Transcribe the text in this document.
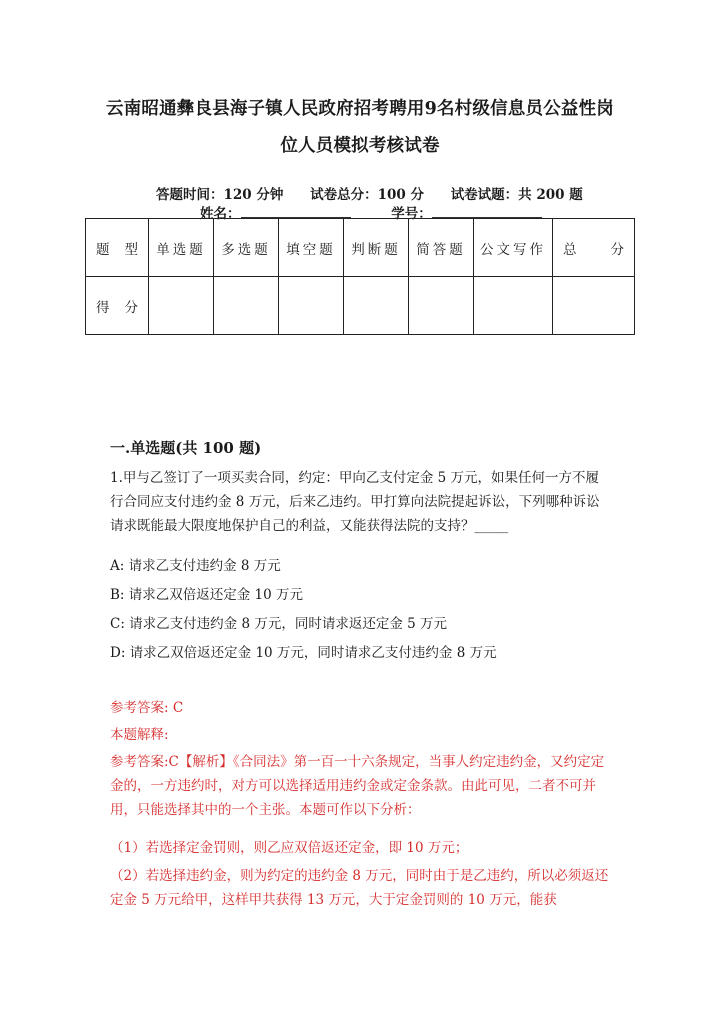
云南昭通彝良县海子镇人民政府招考聘用9名村级信息员公益性岗
位人员模拟考核试卷
答题时间：120 分钟 试卷总分：100 分 试卷试题：共 200 题
姓名：	学号：
题 型	单选题	多选题	填空题	判断题	简答题	公文写作	总 分

得 分							

一.单选题(共 100 题)
1.甲与乙签订了一项买卖合同，约定：甲向乙支付定金 5 万元，如果任何一方不履行合同应支付违约金 8 万元，后来乙违约。甲打算向法院提起诉讼，下列哪种诉讼请求既能最大限度地保护自己的利益，又能获得法院的支持？_____
A: 请求乙支付违约金 8 万元
B: 请求乙双倍返还定金 10 万元
C: 请求乙支付违约金 8 万元，同时请求返还定金 5 万元
D: 请求乙双倍返还定金 10 万元，同时请求乙支付违约金 8 万元
参考答案: C
本题解释:
参考答案:C【解析】《合同法》第一百一十六条规定，当事人约定违约金，又约定定金的，一方违约时，对方可以选择适用违约金或定金条款。由此可见，二者不可并用，只能选择其中的一个主张。本题可作以下分析：
（1）若选择定金罚则，则乙应双倍返还定金，即 10 万元；
（2）若选择违约金，则为约定的违约金 8 万元，同时由于是乙违约，所以必须返还定金 5 万元给甲，这样甲共获得 13 万元，大于定金罚则的 10 万元，能获
